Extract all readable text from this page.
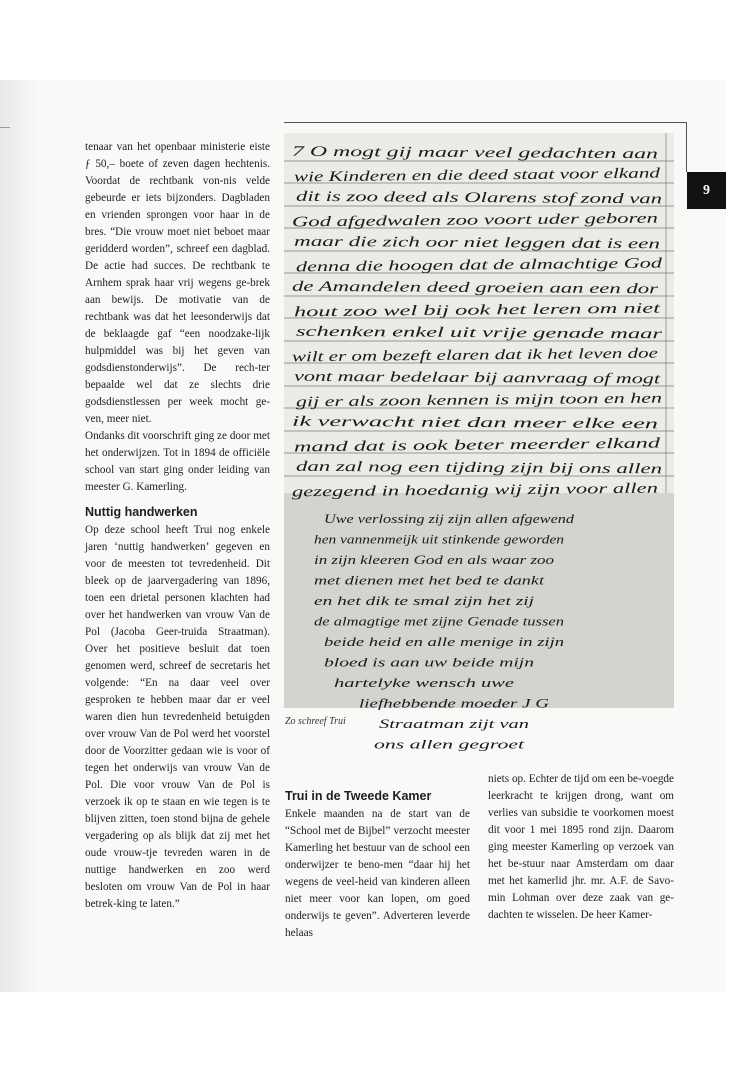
9

tenaar van het openbaar ministerie eiste ƒ 50,– boete of zeven dagen hechtenis. Voordat de rechtbank von-nis velde gebeurde er iets bijzonders. Dagbladen en vrienden sprongen voor haar in de bres. “Die vrouw moet niet beboet maar geridderd worden”, schreef een dagblad. De actie had succes. De rechtbank te Arnhem sprak haar vrij wegens ge-brek aan bewijs. De motivatie van de rechtbank was dat het leesonderwijs dat de beklaagde gaf “een noodzake-lijk hulpmiddel was bij het geven van godsdienstonderwijs”. De rech-ter bepaalde wel dat ze slechts drie godsdienstlessen per week mocht ge-ven, meer niet.

Ondanks dit voorschrift ging ze door met het onderwijzen. Tot in 1894 de officiële school van start ging onder leiding van meester G. Kamerling.

Nuttig handwerken

Op deze school heeft Trui nog enkele jaren ‘nuttig handwerken’ gegeven en voor de meesten tot tevredenheid. Dit bleek op de jaarvergadering van 1896, toen een drietal personen klachten had over het handwerken van vrouw Van de Pol (Jacoba Geer-truida Straatman). Over het positieve besluit dat toen genomen werd, schreef de secretaris het volgende: “En na daar veel over gesproken te hebben maar dar er veel waren dien hun tevredenheid betuigden over vrouw Van de Pol werd het voorstel door de Voorzitter gedaan wie is voor of tegen het onderwijs van vrouw Van de Pol. Die voor vrouw Van de Pol is verzoek ik op te staan en wie tegen is te blijven zitten, toen stond bijna de gehele vergadering op als blijk dat zij met het oude vrouw-tje tevreden waren in de nuttige handwerken en zoo werd besloten om vrouw Van de Pol in haar betrek-king te laten.”

7 O mogt gij maar veel gedachten aan
wie Kinderen en die deed staat voor elkand
dit is zoo deed als Olarens stof zond van
God afgedwalen zoo voort uder geboren
maar die zich oor niet leggen dat is een
denna die hoogen dat de almachtige God
de Amandelen deed groeien aan een dor
hout zoo wel bij ook het leren om niet
schenken enkel uit vrije genade maar
wilt er om bezeft elaren dat ik het leven doe
vont maar bedelaar bij aanvraag of mogt
gij er als zoon kennen is mijn toon en hen
ik verwacht niet dan meer elke een
mand dat is ook beter meerder elkand
dan zal nog een tijding zijn bij ons allen
gezegend in hoedanig wij zijn voor allen
Uwe verlossing zij zijn allen afgewend
hen vannenmeijk uit stinkende geworden
in zijn kleeren God en als waar zoo
met dienen met het bed te dankt
en het dik te smal zijn het zij
de almagtige met zijne Genade tussen
beide heid en alle menige in zijn
bloed is aan uw beide mijn
hartelyke wensch uwe
liefhebbende moeder J G
Straatman zijt van
ons allen gegroet
Zo schreef Trui
Trui in de Tweede Kamer

Enkele maanden na de start van de “School met de Bijbel” verzocht meester Kamerling het bestuur van de school een onderwijzer te beno-men “daar hij het wegens de veel-heid van kinderen alleen niet meer voor kan lopen, om goed onderwijs te geven”. Adverteren leverde helaas

niets op. Echter de tijd om een be-voegde leerkracht te krijgen drong, want om verlies van subsidie te voorkomen moest dit voor 1 mei 1895 rond zijn. Daarom ging meester Kamerling op verzoek van het be-stuur naar Amsterdam om daar met het kamerlid jhr. mr. A.F. de Savo-min Lohman over deze zaak van ge-dachten te wisselen. De heer Kamer-
